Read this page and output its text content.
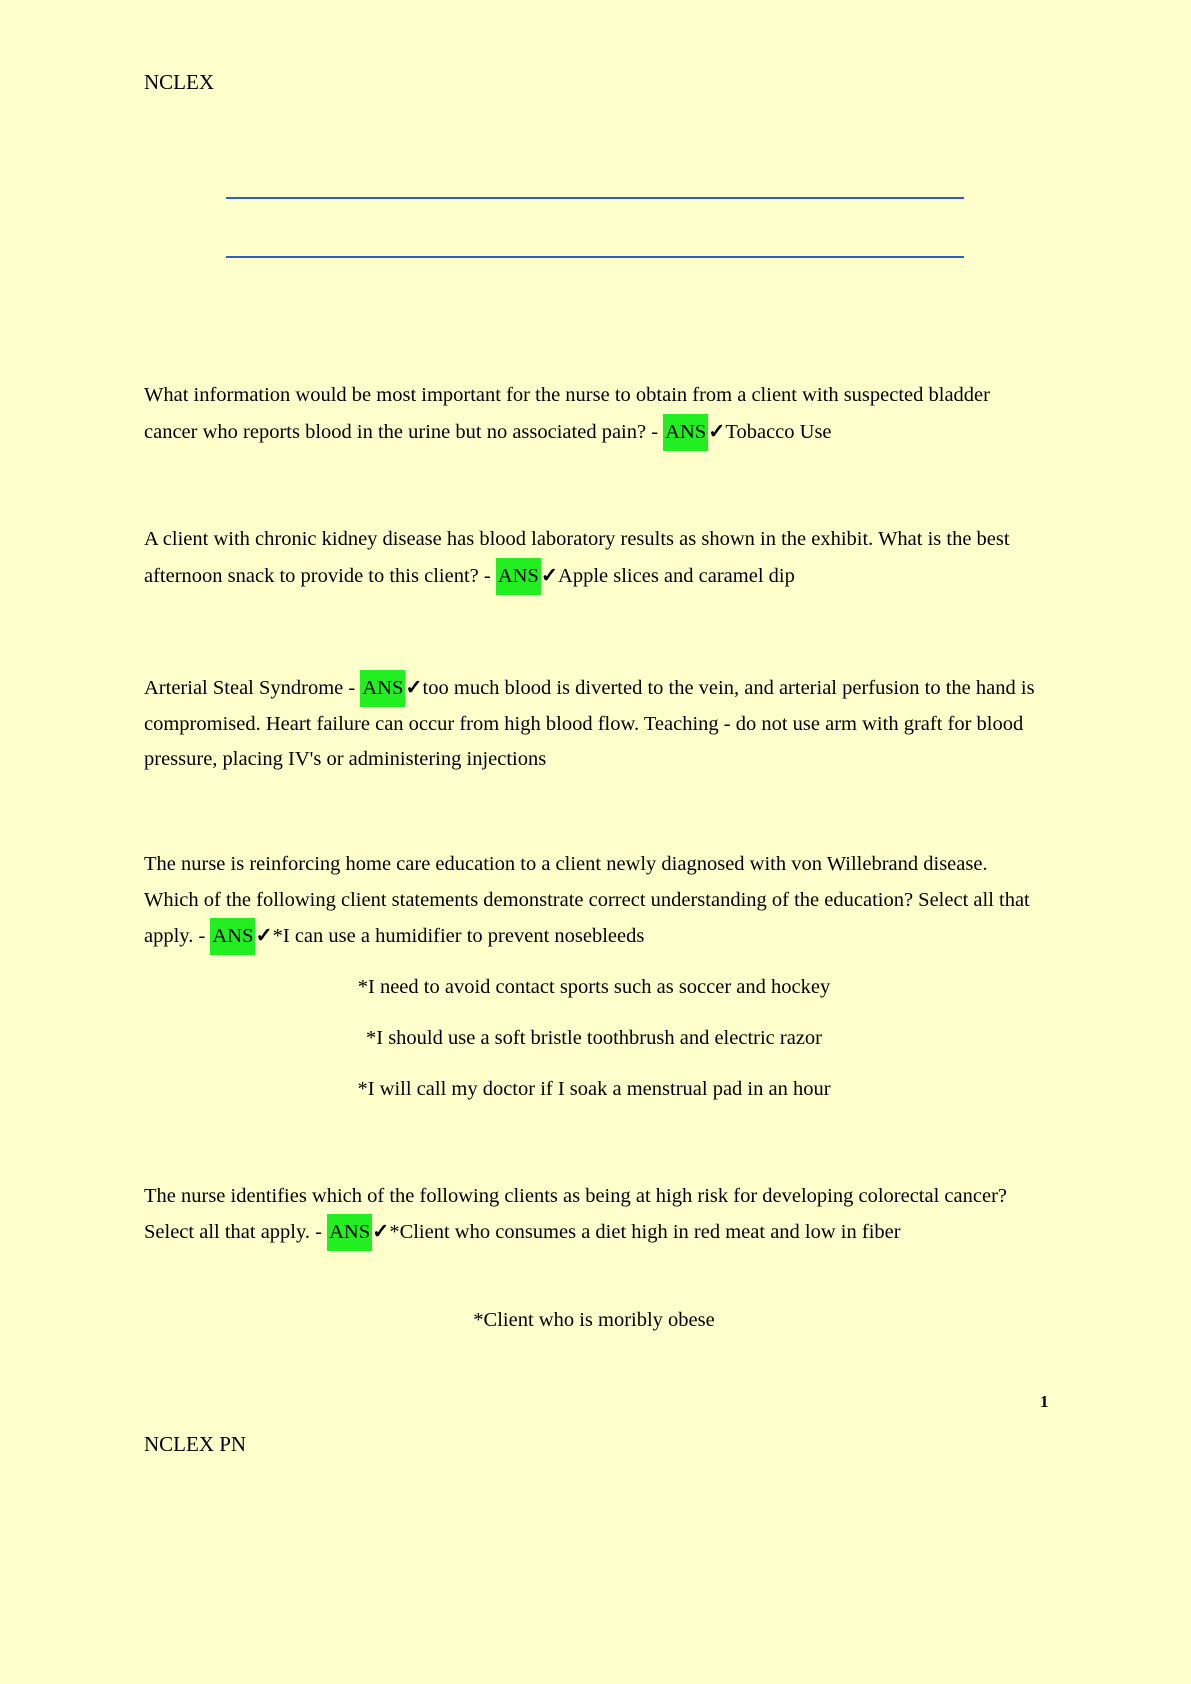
NCLEX
What information would be most important for the nurse to obtain from a client with suspected bladder cancer who reports blood in the urine but no associated pain? - ANS✓Tobacco Use
A client with chronic kidney disease has blood laboratory results as shown in the exhibit. What is the best afternoon snack to provide to this client? - ANS✓Apple slices and caramel dip
Arterial Steal Syndrome - ANS✓too much blood is diverted to the vein, and arterial perfusion to the hand is compromised. Heart failure can occur from high blood flow. Teaching - do not use arm with graft for blood pressure, placing IV's or administering injections
The nurse is reinforcing home care education to a client newly diagnosed with von Willebrand disease. Which of the following client statements demonstrate correct understanding of the education? Select all that apply. - ANS✓*I can use a humidifier to prevent nosebleeds
*I need to avoid contact sports such as soccer and hockey
*I should use a soft bristle toothbrush and electric razor
*I will call my doctor if I soak a menstrual pad in an hour
The nurse identifies which of the following clients as being at high risk for developing colorectal cancer? Select all that apply. - ANS✓*Client who consumes a diet high in red meat and low in fiber
*Client who is moribly obese
1
NCLEX PN
